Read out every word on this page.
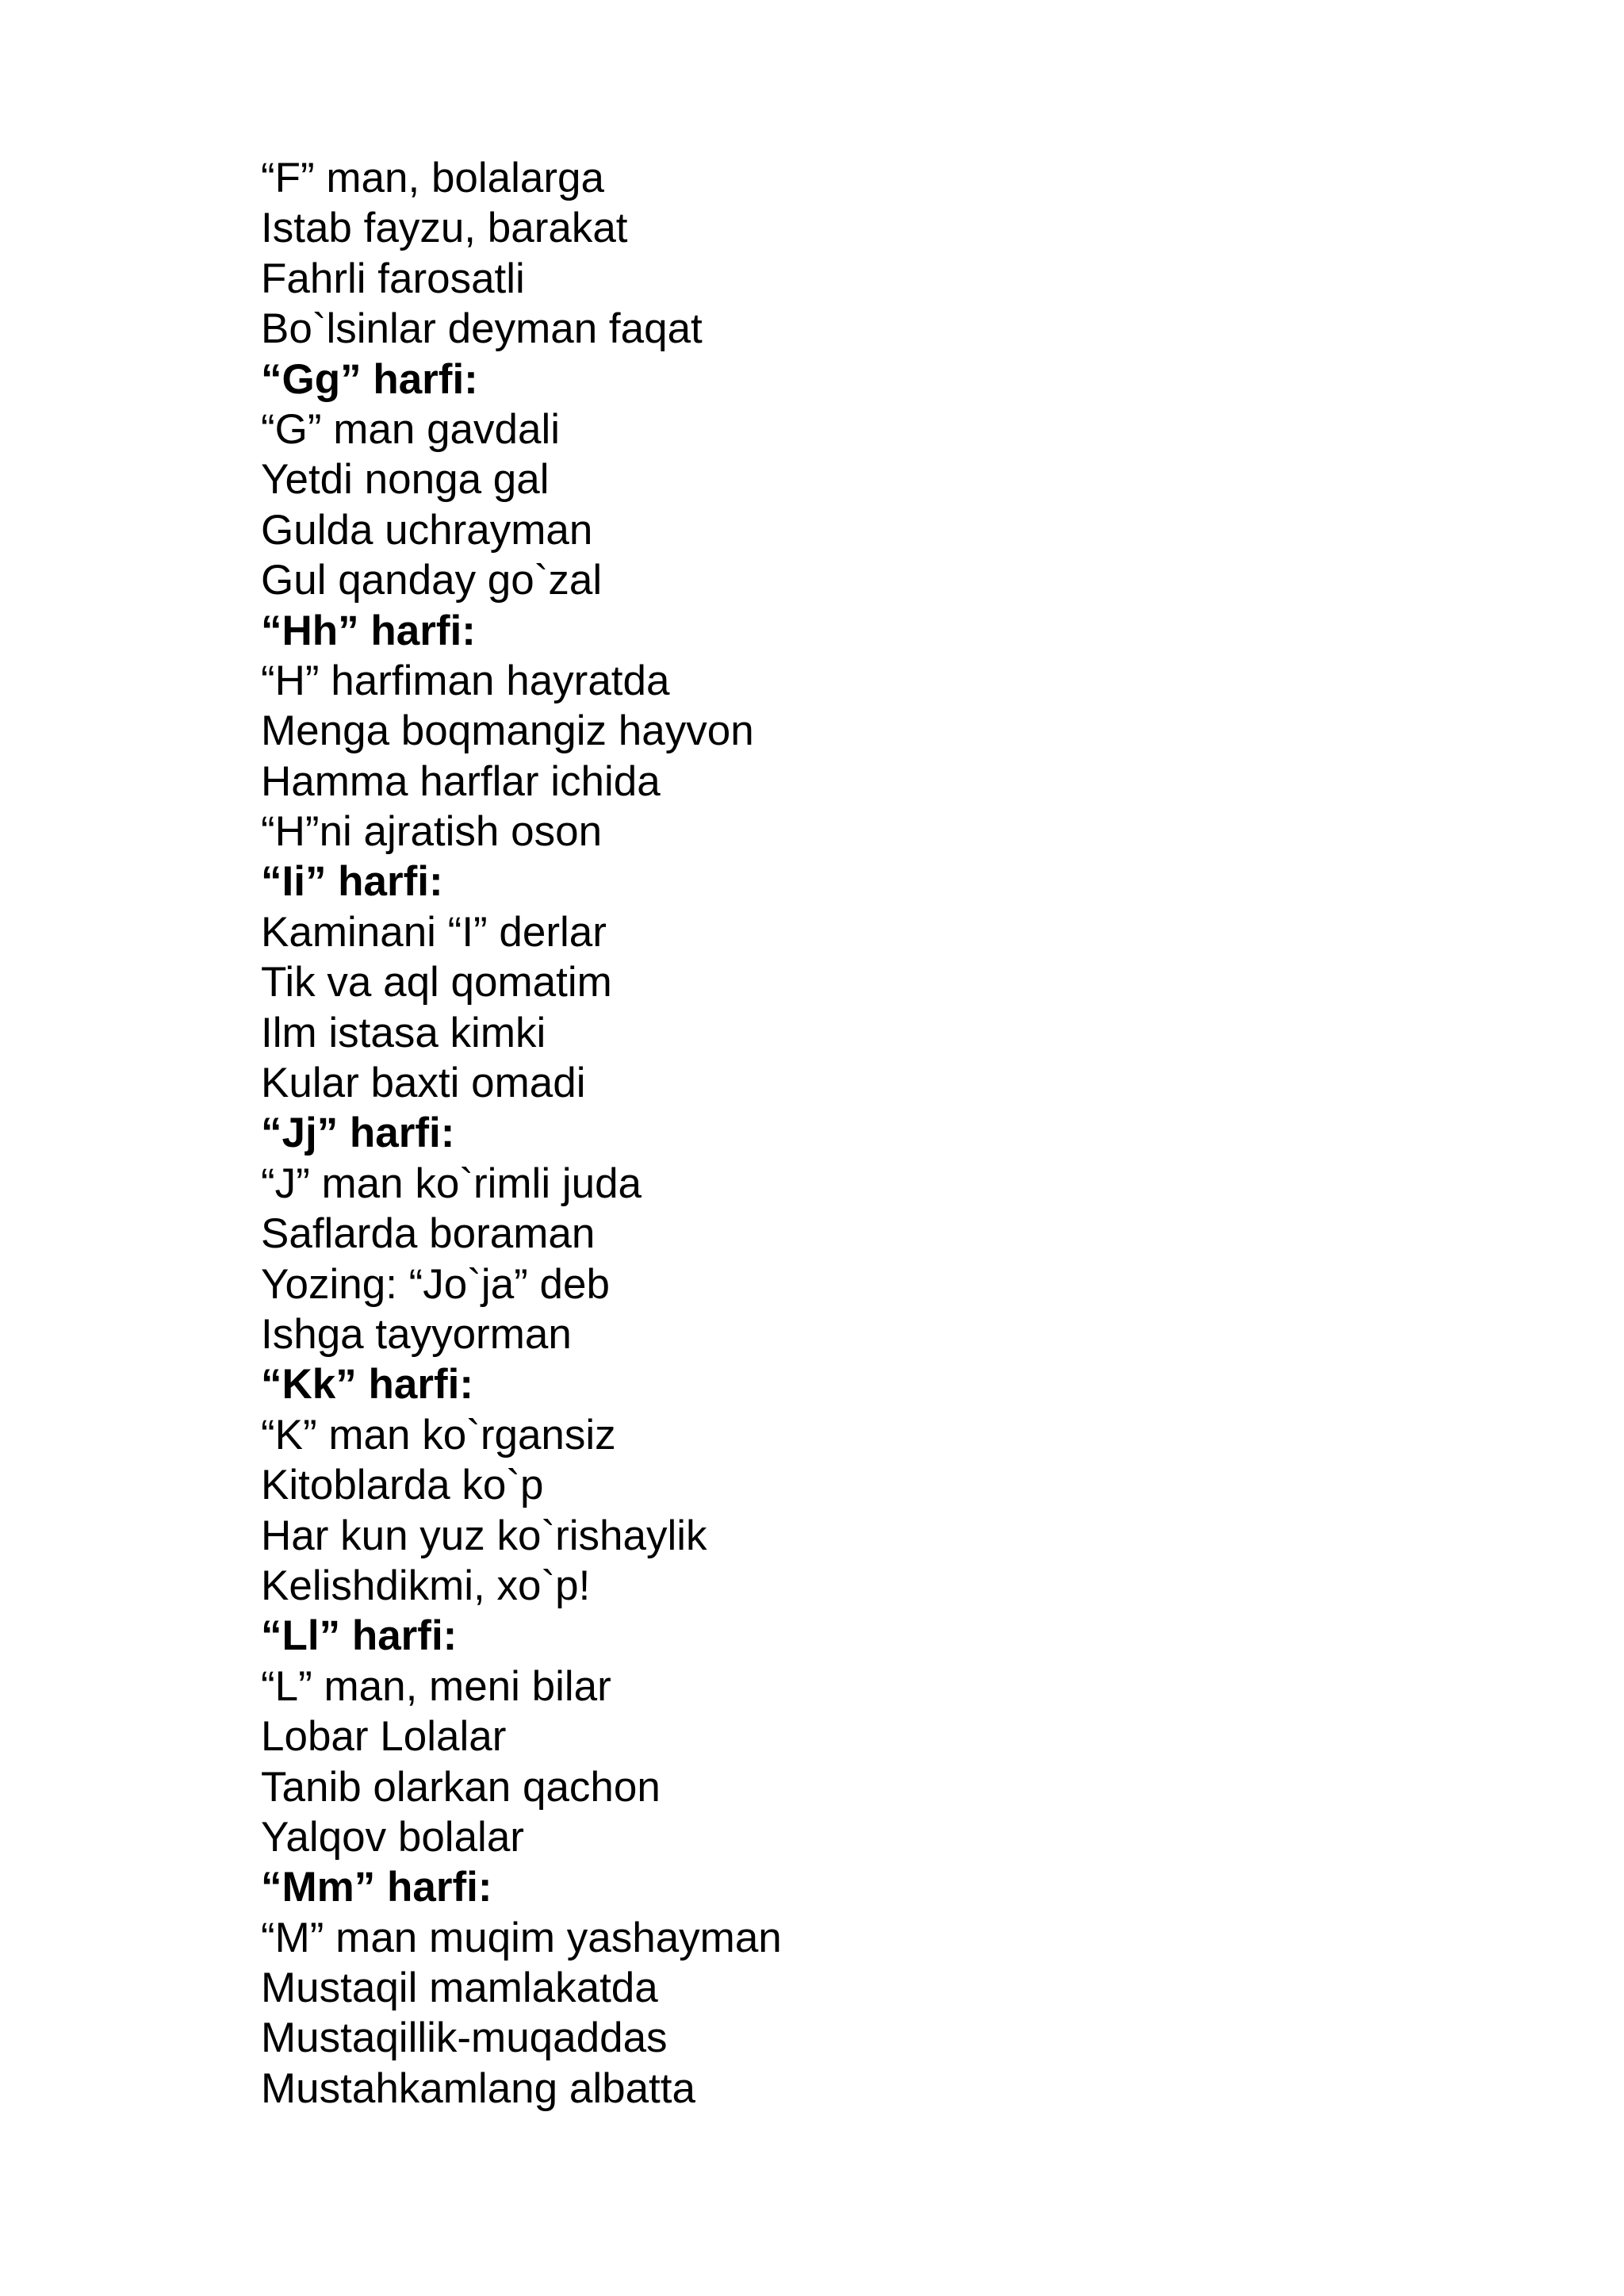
“F” man, bolalarga
Istab fayzu, barakat
Fahrli farosatli
Bo`lsinlar deyman faqat
“Gg” harfi:
“G” man gavdali
Yetdi nonga gal
Gulda uchrayman
Gul qanday go`zal
“Hh” harfi:
“H” harfiman hayratda
Menga boqmangiz hayvon
Hamma harflar ichida
“H”ni ajratish oson
“Ii” harfi:
Kaminani “I” derlar
Tik va aql qomatim
Ilm istasa kimki
Kular baxti omadi
“Jj” harfi:
“J” man ko`rimli juda
Saflarda boraman
Yozing: “Jo`ja” deb
Ishga tayyorman
“Kk” harfi:
“K” man ko`rgansiz
Kitoblarda ko`p
Har kun yuz ko`rishaylik
Kelishdikmi, xo`p!
“Ll” harfi:
“L” man, meni bilar
Lobar Lolalar
Tanib olarkan qachon
Yalqov bolalar
“Mm” harfi:
“M” man muqim yashayman
Mustaqil mamlakatda
Mustaqillik-muqaddas
Mustahkamlang albatta
